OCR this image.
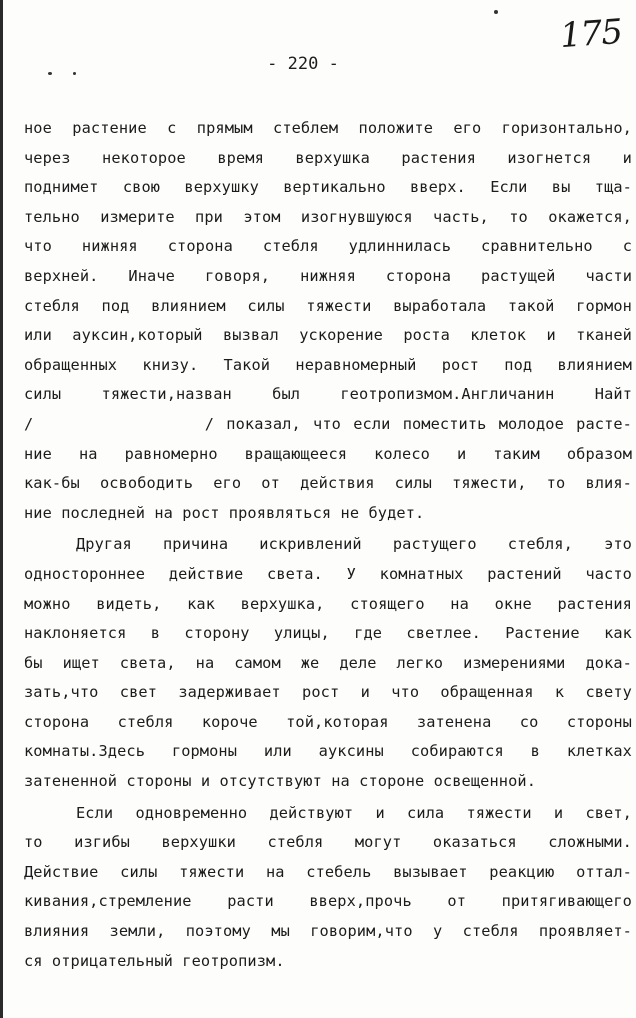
175
- 220 -
ное растение с прямым стеблем положите его горизонтально,
через некоторое время верхушка растения изогнется и
поднимет свою верхушку вертикально вверх. Если вы тща-
тельно измерите при этом изогнувшуюся часть, то окажется,
что нижняя сторона стебля удлиннилась сравнительно с
верхней. Иначе говоря, нижняя сторона растущей части
стебля под влиянием силы тяжести выработала такой гормон
или ауксин,который вызвал ускорение роста клеток и тканей
обращенных книзу. Такой неравномерный рост под влиянием
силы тяжести,назван был геотропизмом.Англичанин Найт
/              / показал, что если поместить молодое расте-
ние на равномерно вращающееся колесо и таким образом
как-бы освободить его от действия силы тяжести, то влия-
ние последней на рост проявляться не будет.
Другая причина искривлений растущего стебля, это
одностороннее действие света. У комнатных растений часто
можно видеть, как верхушка, стоящего на окне растения
наклоняется в сторону улицы, где светлее. Растение как
бы ищет света, на самом же деле легко измерениями дока-
зать,что свет задерживает рост и что обращенная к свету
сторона стебля короче той,которая затенена со стороны
комнаты.Здесь гормоны или ауксины собираются в клетках
затененной стороны и отсутствуют на стороне освещенной.
Если одновременно действуют и сила тяжести и свет,
то изгибы верхушки стебля могут оказаться сложными.
Действие силы тяжести на стебель вызывает реакцию оттал-
кивания,стремление расти вверх,прочь от притягивающего
влияния земли, поэтому мы говорим,что у стебля проявляет-
ся отрицательный геотропизм.
